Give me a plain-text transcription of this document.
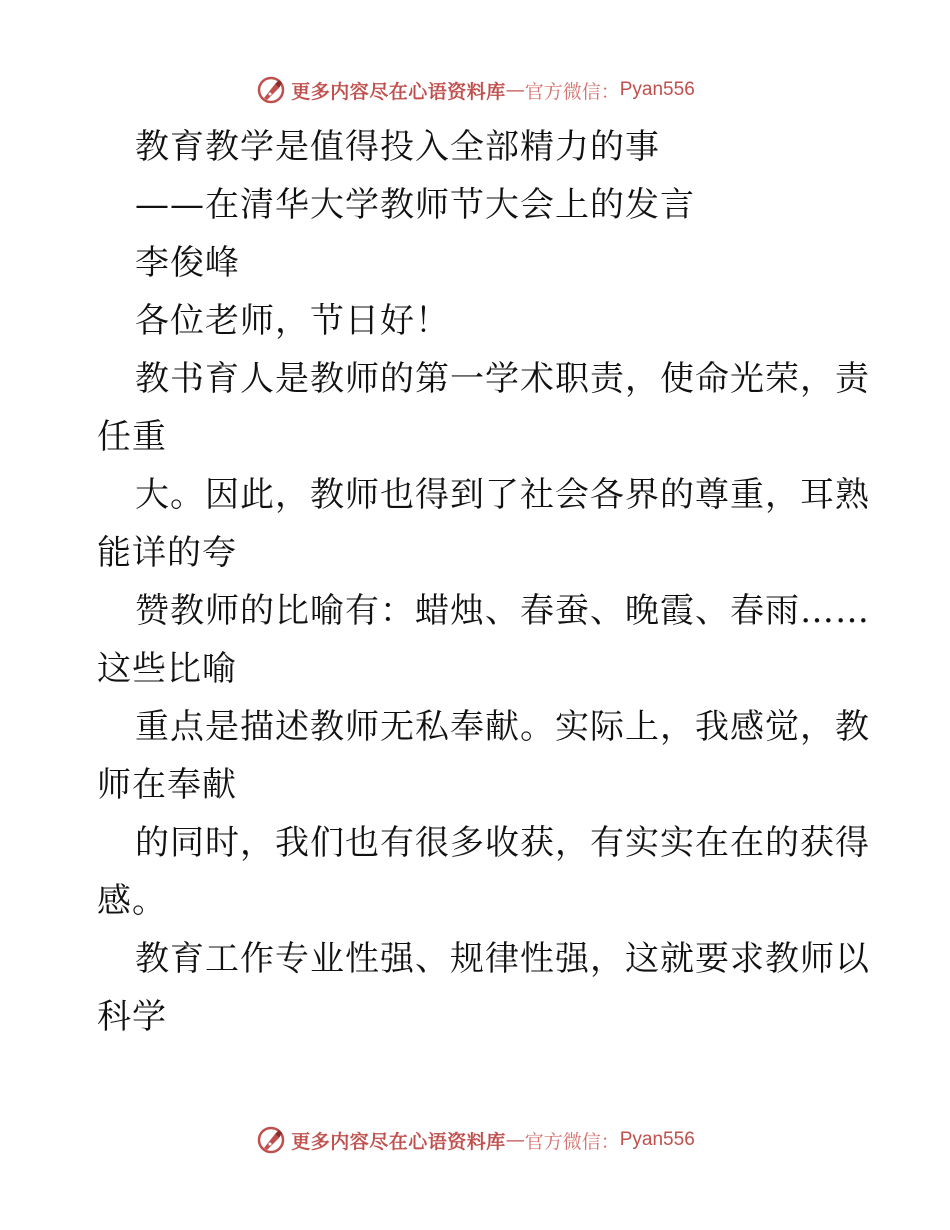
更多内容尽在心语资料库 — 官方微信： Pyan556
教育教学是值得投入全部精力的事
——在清华大学教师节大会上的发言
李俊峰
各位老师，节日好！
教书育人是教师的第一学术职责，使命光荣，责
任重
大。因此，教师也得到了社会各界的尊重，耳熟
能详的夸
赞教师的比喻有：蜡烛、春蚕、晚霞、春雨……
这些比喻
重点是描述教师无私奉献。实际上，我感觉，教
师在奉献
的同时，我们也有很多收获，有实实在在的获得
感。
教育工作专业性强、规律性强，这就要求教师以
科学
更多内容尽在心语资料库 — 官方微信： Pyan556
